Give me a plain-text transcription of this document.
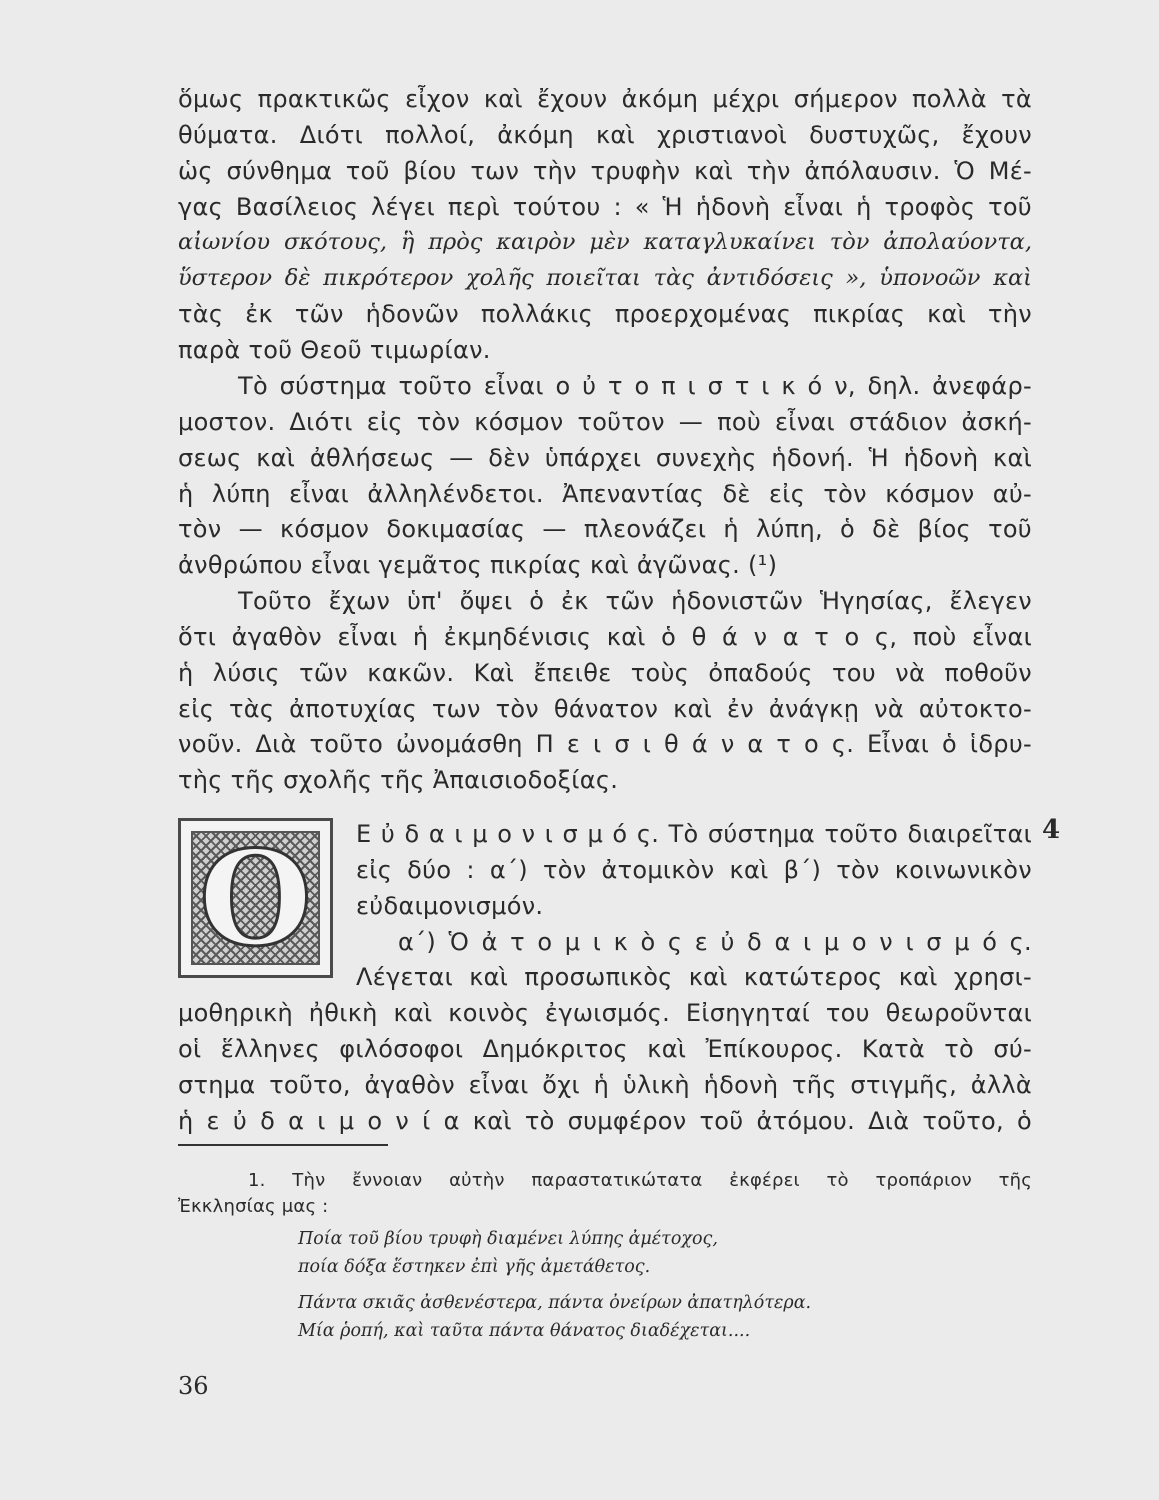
ὅμως πρακτικῶς εἶχον καὶ ἔχουν ἀκόμη μέχρι σήμερον πολλὰ τὰ
θύματα. Διότι πολλοί, ἀκόμη καὶ χριστιανοὶ δυστυχῶς, ἔχουν
ὡς σύνθημα τοῦ βίου των τὴν τρυφὴν καὶ τὴν ἀπόλαυσιν. Ὁ Μέ-
γας Βασίλειος λέγει περὶ τούτου : « Ἡ ἡδονὴ εἶναι ἡ τροφὸς τοῦ
αἰωνίου σκότους, ἣ πρὸς καιρὸν μὲν καταγλυκαίνει τὸν ἀπολαύοντα,
ὕστερον δὲ πικρότερον χολῆς ποιεῖται τὰς ἀντιδόσεις », ὑπονοῶν καὶ
τὰς ἐκ τῶν ἡδονῶν πολλάκις προερχομένας πικρίας καὶ τὴν
παρὰ τοῦ Θεοῦ τιμωρίαν.
Τὸ σύστημα τοῦτο εἶναι ο ὐ τ ο π ι σ τ ι κ ό ν, δηλ. ἀνεφάρ-
μοστον. Διότι εἰς τὸν κόσμον τοῦτον — ποὺ εἶναι στάδιον ἀσκή-
σεως καὶ ἀθλήσεως — δὲν ὑπάρχει συνεχὴς ἡδονή. Ἡ ἡδονὴ καὶ
ἡ λύπη εἶναι ἀλληλένδετοι. Ἀπεναντίας δὲ εἰς τὸν κόσμον αὐ-
τὸν — κόσμον δοκιμασίας — πλεονάζει ἡ λύπη, ὁ δὲ βίος τοῦ
ἀνθρώπου εἶναι γεμᾶτος πικρίας καὶ ἀγῶνας. (¹)
Τοῦτο ἔχων ὑπ' ὄψει ὁ ἐκ τῶν ἡδονιστῶν Ἡγησίας, ἔλεγεν
ὅτι ἀγαθὸν εἶναι ἡ ἐκμηδένισις καὶ ὁ θ ά ν α τ ο ς, ποὺ εἶναι
ἡ λύσις τῶν κακῶν. Καὶ ἔπειθε τοὺς ὀπαδούς του νὰ ποθοῦν
εἰς τὰς ἀποτυχίας των τὸν θάνατον καὶ ἐν ἀνάγκῃ νὰ αὐτοκτο-
νοῦν. Διὰ τοῦτο ὠνομάσθη Π ε ι σ ι θ ά ν α τ ο ς. Εἶναι ὁ ἱδρυ-
τὴς τῆς σχολῆς τῆς Ἀπαισιοδοξίας.
4
O	Ε ὐ δ α ι μ ο ν ι σ μ ό ς. Τὸ σύστημα τοῦτο διαιρεῖται
εἰς δύο : α΄) τὸν ἀτομικὸν καὶ β΄) τὸν κοινωνικὸν
εὐδαιμονισμόν.
α΄) Ὁ ἀ τ ο μ ι κ ὸ ς ε ὐ δ α ι μ ο ν ι σ μ ό ς.
Λέγεται καὶ προσωπικὸς καὶ κατώτερος καὶ χρησι-
μοθηρικὴ ἠθικὴ καὶ κοινὸς ἐγωισμός. Εἰσηγηταί του θεωροῦνται
οἱ ἕλληνες φιλόσοφοι Δημόκριτος καὶ Ἐπίκουρος. Κατὰ τὸ σύ-
στημα τοῦτο, ἀγαθὸν εἶναι ὄχι ἡ ὑλικὴ ἡδονὴ τῆς στιγμῆς, ἀλλὰ
ἡ ε ὐ δ α ι μ ο ν ί α καὶ τὸ συμφέρον τοῦ ἀτόμου. Διὰ τοῦτο, ὁ
1. Τὴν ἔννοιαν αὐτὴν παραστατικώτατα ἐκφέρει τὸ τροπάριον τῆς
Ἐκκλησίας μας :
Ποία τοῦ βίου τρυφὴ διαμένει λύπης ἀμέτοχος,
ποία δόξα ἕστηκεν ἐπὶ γῆς ἀμετάθετος.
Πάντα σκιᾶς ἀσθενέστερα, πάντα ὀνείρων ἀπατηλότερα.
Μία ῥοπή, καὶ ταῦτα πάντα θάνατος διαδέχεται....
36
